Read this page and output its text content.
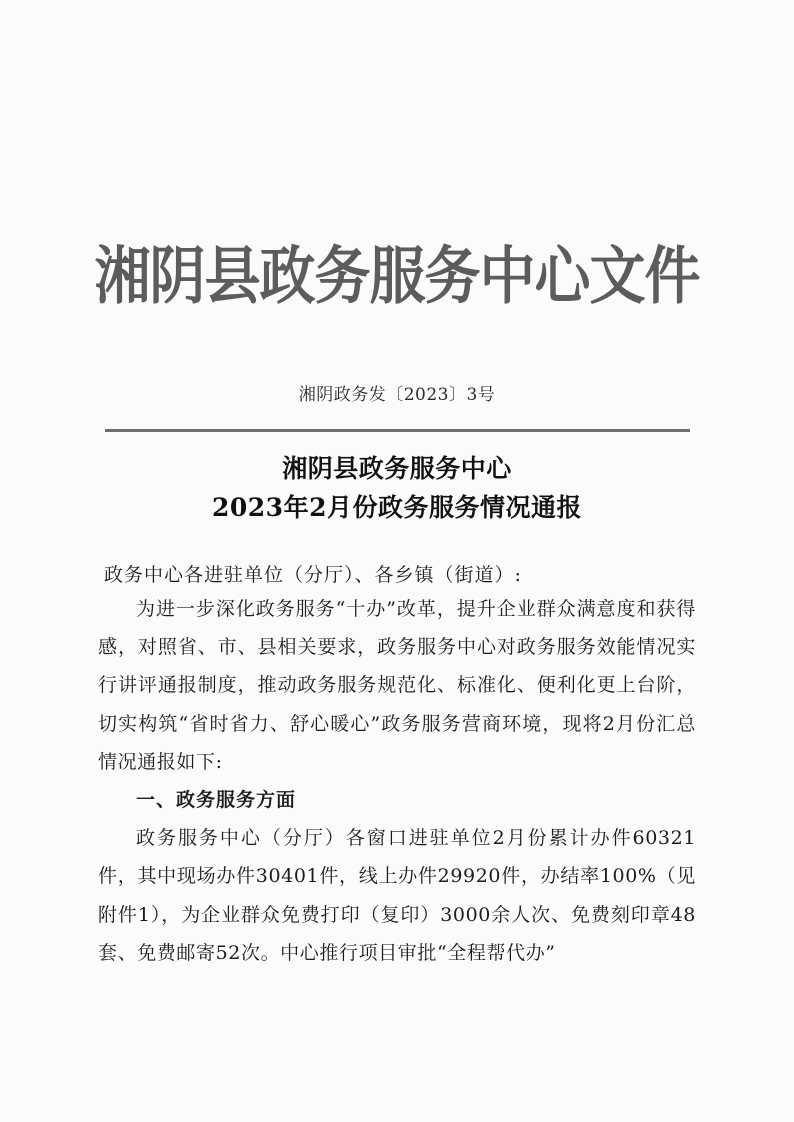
湘阴县政务服务中心文件
湘阴政务发〔2023〕3号
湘阴县政务服务中心
2023年2月份政务服务情况通报
政务中心各进驻单位（分厅）、各乡镇（街道）:

为进一步深化政务服务“十办”改革，提升企业群众满意度和获得感，对照省、市、县相关要求，政务服务中心对政务服务效能情况实行讲评通报制度，推动政务服务规范化、标准化、便利化更上台阶，切实构筑“省时省力、舒心暖心”政务服务营商环境，现将2月份汇总情况通报如下:

一、政务服务方面

政务服务中心（分厅）各窗口进驻单位2月份累计办件60321件，其中现场办件30401件，线上办件29920件，办结率100%（见附件1），为企业群众免费打印（复印）3000余人次、免费刻印章48套、免费邮寄52次。中心推行项目审批“全程帮代办”
